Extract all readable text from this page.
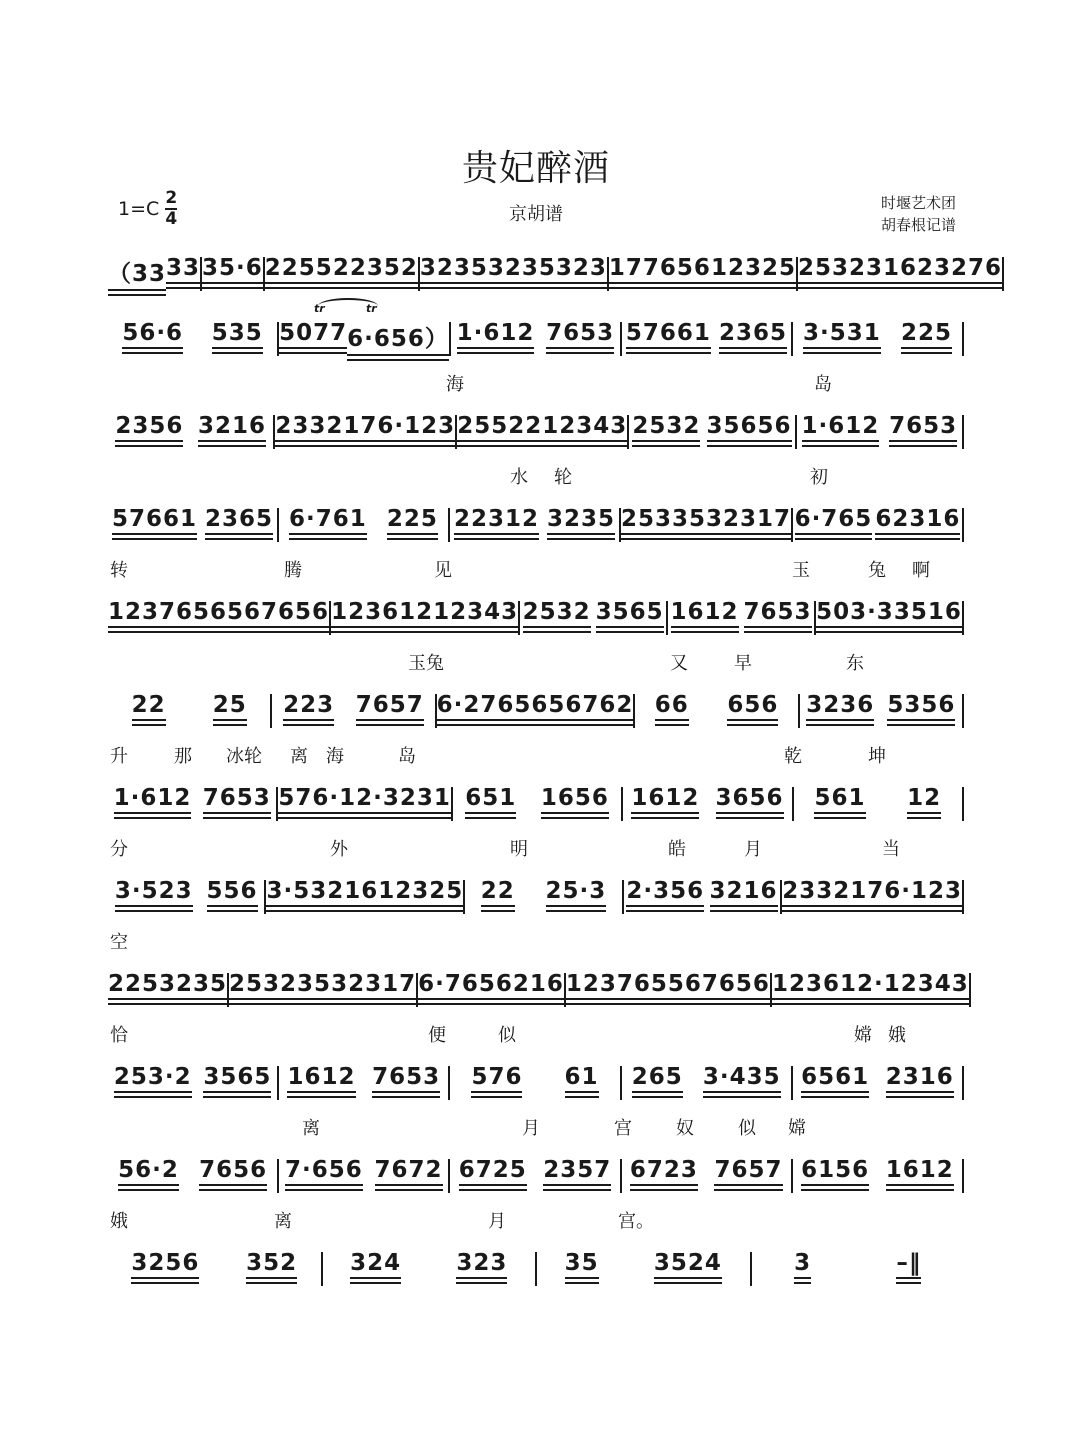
贵妃醉酒
1=C 2
4	京胡谱
时堰艺术团
胡春根记谱
（33 33 3 5·6 2255 22352 32353 235323 177656 12325 25323 1623276
56·6 535 5077 6·656） 1·612 7653 57661 2365 3·531 225
tr	tr
海	岛
2356 3216 233217 6·123 255 2212343 2532 35656 1·612 7653
水 轮	初
57661 2365 6·761 225 22312 3235 25335 32317 6·765 62316
转	腾	见	玉	兔 啊
12376 56567656 12361 212343 2532 3565 1612 7653 503·3 3516
玉兔	又	早	东
22 25 223 7657 6·276 5656762 66 656 3236 5356
升	那 冰轮 离 海	岛	乾	坤
1·612 7653 576·1 2·3231 651 1656 1612 3656 561 12
分	外	明	皓	月	当
3·523 556 3·532 1612325 22 25·3 2·356 3216 233217 6·123
空
225 3235 253235 32317 6·765 6216 12376 5567656 12361 2·12343
恰	便	似	嫦 娥
253·2 3565 1612 7653 576 61 265 3·435 6561 2316
离	月	宫 奴 似 嫦
56·2 7656 7·656 7672 6725 2357 6723 7657 6156 1612
娥	离	月	宫。
3256 352 324 323 35 3524	3	–‖
